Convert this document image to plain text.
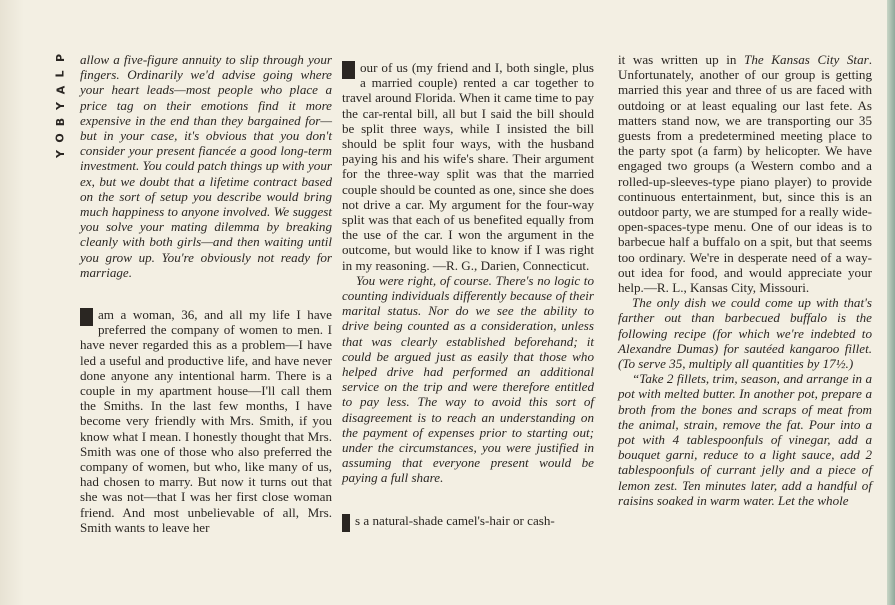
P
L
A
Y
B
O
Y

allow a five-figure annuity to slip through your fingers. Ordinarily we'd advise going where your heart leads—most people who place a price tag on their emotions find it more expensive in the end than they bargained for—but in your case, it's obvious that you don't consider your present fiancée a good long-term investment. You could patch things up with your ex, but we doubt that a lifetime contract based on the sort of setup you describe would bring much happiness to anyone involved. We suggest you solve your mating dilemma by breaking cleanly with both girls—and then waiting until you grow up. You're obviously not ready for marriage.

am a woman, 36, and all my life I have preferred the company of women to men. I have never regarded this as a problem—I have led a useful and productive life, and have never done anyone any intentional harm. There is a couple in my apartment house—I'll call them the Smiths. In the last few months, I have become very friendly with Mrs. Smith, if you know what I mean. I honestly thought that Mrs. Smith was one of those who also preferred the company of women, but who, like many of us, had chosen to marry. But now it turns out that she was not—that I was her first close woman friend. And most unbelievable of all, Mrs. Smith wants to leave her

our of us (my friend and I, both single, plus a married couple) rented a car together to travel around Florida. When it came time to pay the car-rental bill, all but I said the bill should be split three ways, while I insisted the bill should be split four ways, with the husband paying his and his wife's share. Their argument for the three-way split was that the married couple should be counted as one, since she does not drive a car. My argument for the four-way split was that each of us benefited equally from the use of the car. I won the argument in the outcome, but would like to know if I was right in my reasoning. —R. G., Darien, Connecticut.

You were right, of course. There's no logic to counting individuals differently because of their marital status. Nor do we see the ability to drive being counted as a consideration, unless that was clearly established beforehand; it could be argued just as easily that those who helped drive had performed an additional service on the trip and were therefore entitled to pay less. The way to avoid this sort of disagreement is to reach an understanding on the payment of expenses prior to starting out; under the circumstances, you were justified in assuming that everyone present would be paying a full share.

s a natural-shade camel's-hair or cash-

it was written up in The Kansas City Star. Unfortunately, another of our group is getting married this year and three of us are faced with outdoing or at least equaling our last fete. As matters stand now, we are transporting our 35 guests from a predetermined meeting place to the party spot (a farm) by helicopter. We have engaged two groups (a Western combo and a rolled-up-sleeves-type piano player) to provide continuous entertainment, but, since this is an outdoor party, we are stumped for a really wide-open-spaces-type menu. One of our ideas is to barbecue half a buffalo on a spit, but that seems too ordinary. We're in desperate need of a way-out idea for food, and would appreciate your help.—R. L., Kansas City, Missouri.

The only dish we could come up with that's farther out than barbecued buffalo is the following recipe (for which we're indebted to Alexandre Dumas) for sautéed kangaroo fillet. (To serve 35, multiply all quantities by 17½.)

“Take 2 fillets, trim, season, and arrange in a pot with melted butter. In another pot, prepare a broth from the bones and scraps of meat from the animal, strain, remove the fat. Pour into a pot with 4 tablespoonfuls of vinegar, add a bouquet garni, reduce to a light sauce, add 2 tablespoonfuls of currant jelly and a piece of lemon zest. Ten minutes later, add a handful of raisins soaked in warm water. Let the whole
